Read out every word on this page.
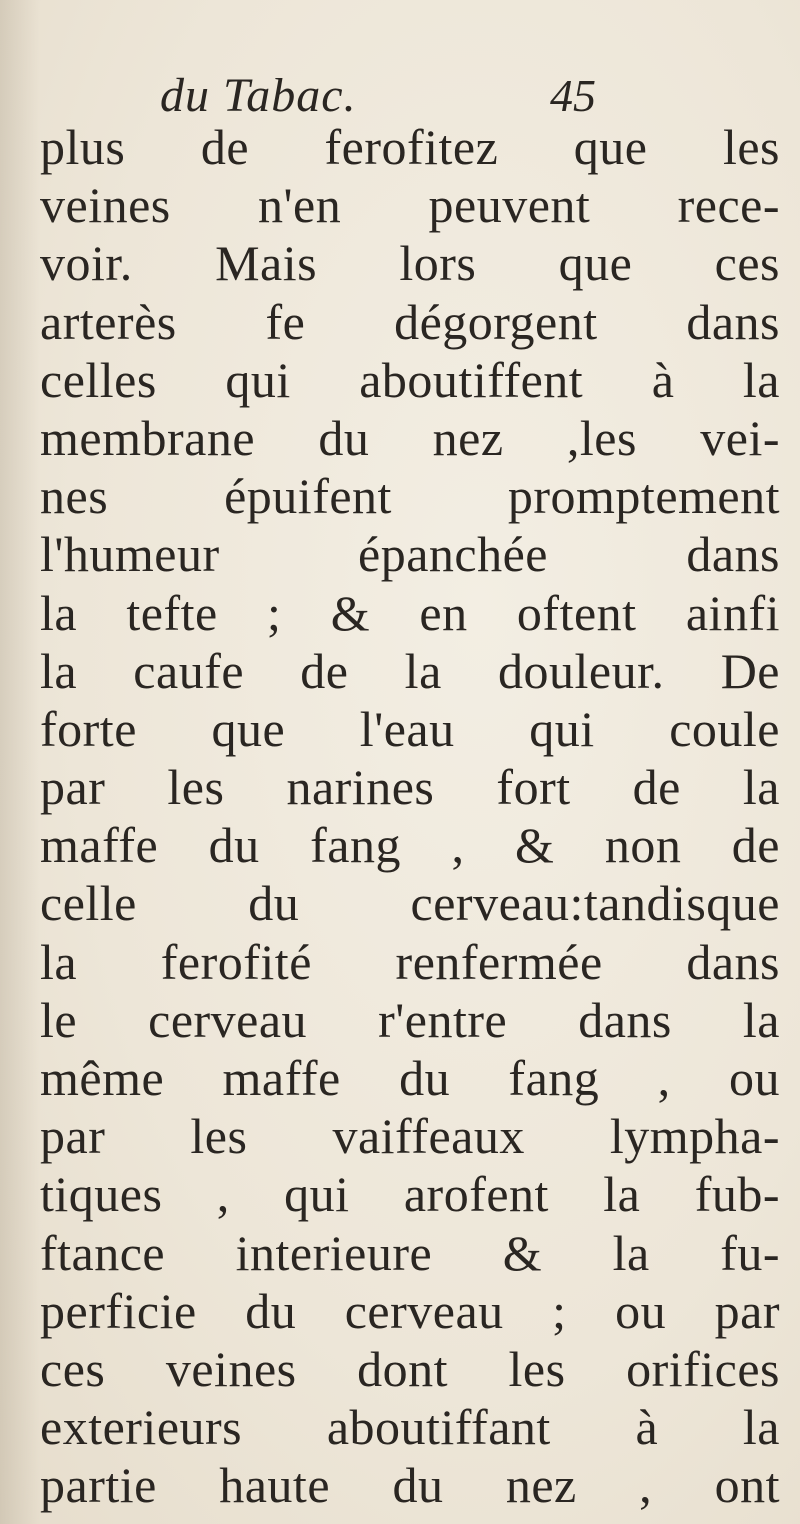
du Tabac.	45
plus de ferofitez que les
veines n'en peuvent rece-
voir. Mais lors que ces
arterès fe dégorgent dans
celles qui aboutiffent à la
membrane du nez ,les vei-
nes épuifent promptement
l'humeur épanchée dans
la tefte ; & en oftent ainfi
la caufe de la douleur. De
forte que l'eau qui coule
par les narines fort de la
maffe du fang , & non de
celle du cerveau:tandisque
la ferofité renfermée dans
le cerveau r'entre dans la
même maffe du fang , ou
par les vaiffeaux lympha-
tiques , qui arofent la fub-
ftance interieure & la fu-
perficie du cerveau ; ou par
ces veines dont les orifices
exterieurs aboutiffant à la
partie haute du nez , ont
